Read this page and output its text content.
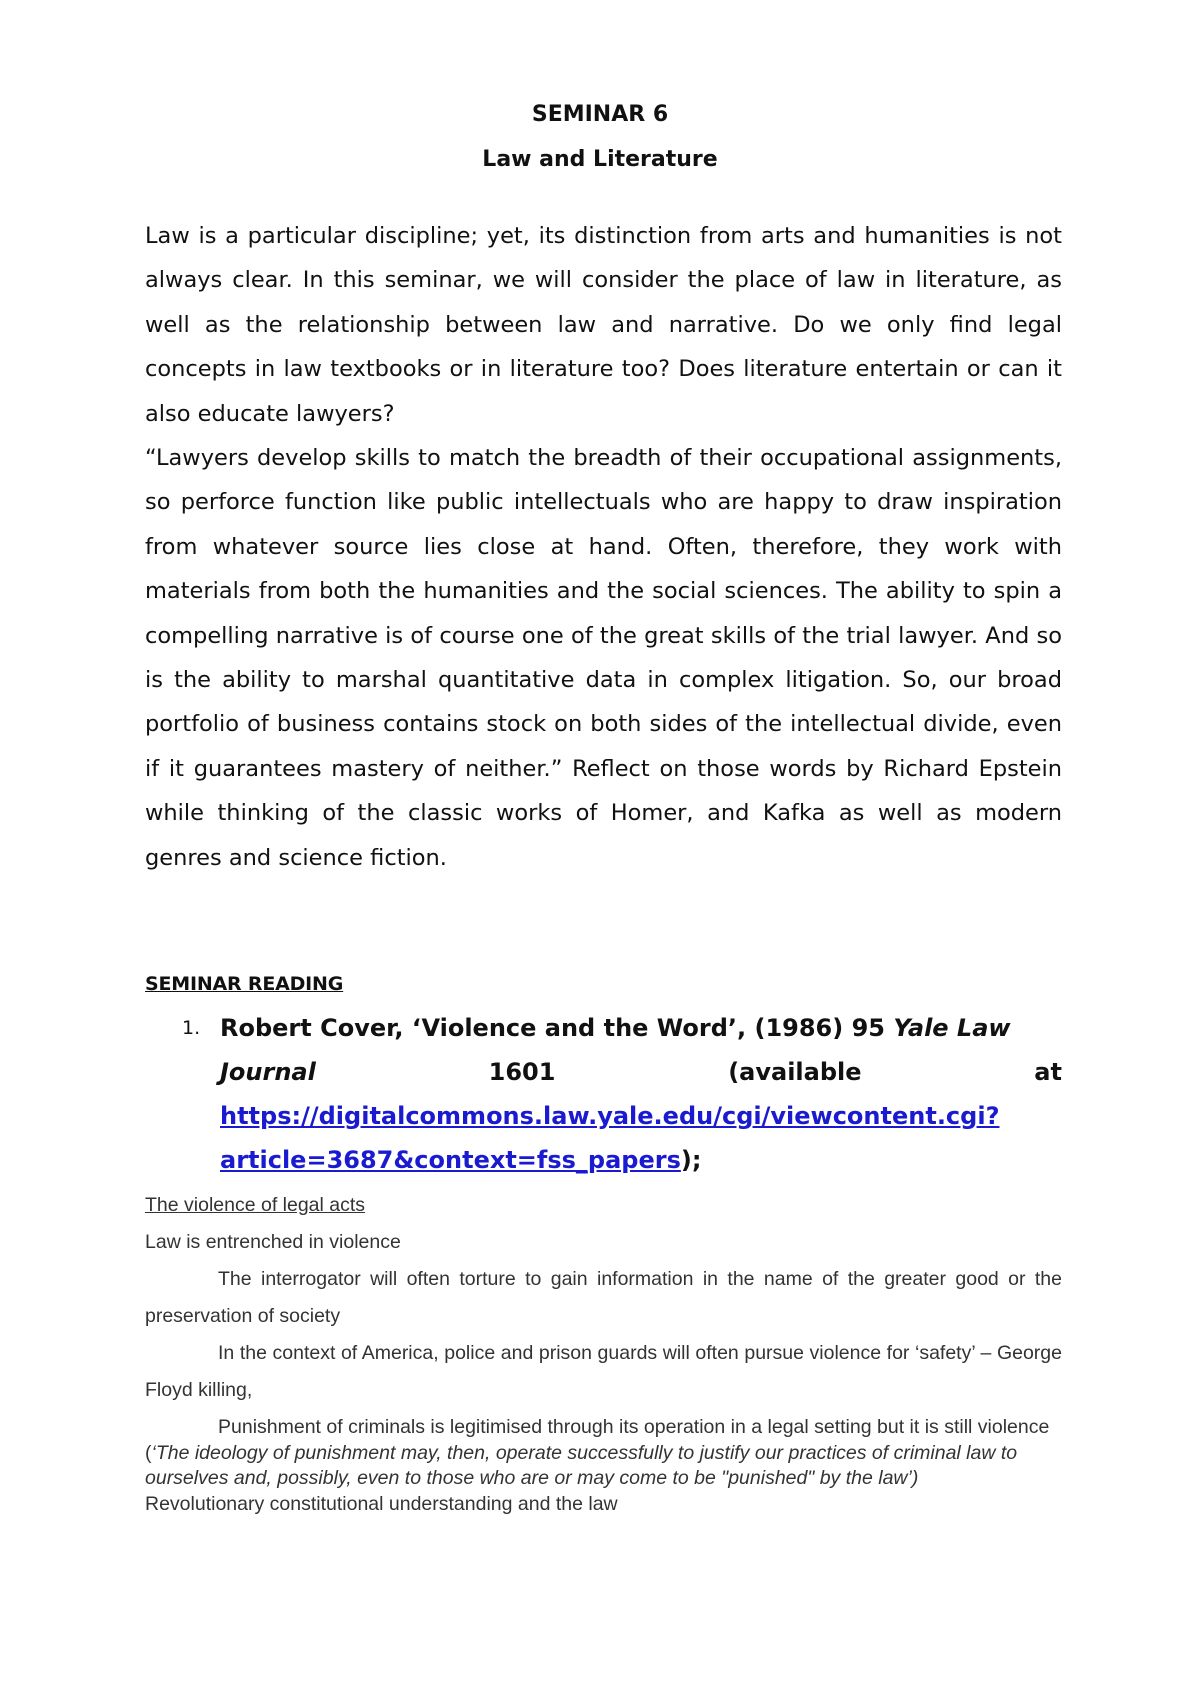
SEMINAR 6
Law and Literature

Law is a particular discipline; yet, its distinction from arts and humanities is not always clear. In this seminar, we will consider the place of law in literature, as well as the relationship between law and narrative. Do we only find legal concepts in law textbooks or in literature too? Does literature entertain or can it also educate lawyers?

“Lawyers develop skills to match the breadth of their occupational assignments, so perforce function like public intellectuals who are happy to draw inspiration from whatever source lies close at hand. Often, therefore, they work with materials from both the humanities and the social sciences. The ability to spin a compelling narrative is of course one of the great skills of the trial lawyer. And so is the ability to marshal quantitative data in complex litigation. So, our broad portfolio of business contains stock on both sides of the intellectual divide, even if it guarantees mastery of neither.” Reflect on those words by Richard Epstein while thinking of the classic works of Homer, and Kafka as well as modern genres and science fiction.

SEMINAR READING
1. Robert Cover, ‘Violence and the Word’, (1986) 95 Yale Law
Journal	1601	(available	at
https://digitalcommons.law.yale.edu/cgi/viewcontent.cgi?
article=3687&context=fss_papers);

The violence of legal acts

Law is entrenched in violence

The interrogator will often torture to gain information in the name of the greater good or the preservation of society

In the context of America, police and prison guards will often pursue violence for ‘safety’ – George Floyd killing,

Punishment of criminals is legitimised through its operation in a legal setting but it is still violence (‘The ideology of punishment may, then, operate successfully to justify our practices of criminal law to ourselves and, possibly, even to those who are or may come to be "punished" by the law’)

Revolutionary constitutional understanding and the law
